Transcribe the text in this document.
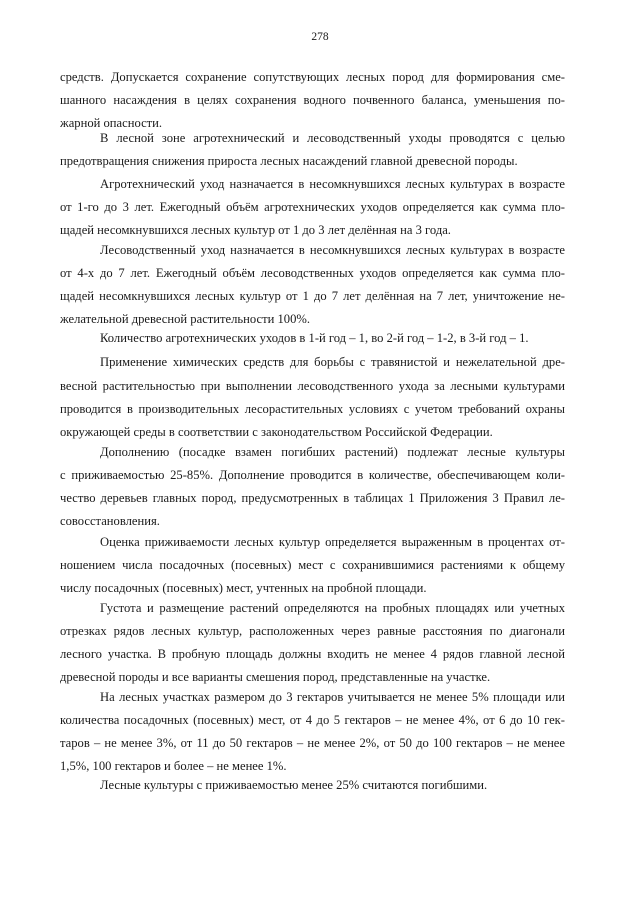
278
средств. Допускается сохранение сопутствующих лесных пород для формирования сме-
шанного насаждения в целях сохранения водного почвенного баланса, уменьшения по-
жарной опасности.
В лесной зоне агротехнический и лесоводственный уходы проводятся с целью
предотвращения снижения прироста лесных насаждений главной древесной породы.
Агротехнический уход назначается в несомкнувшихся лесных культурах в возрасте
от 1-го до 3 лет. Ежегодный объём агротехнических уходов определяется как сумма пло-
щадей несомкнувшихся лесных культур от 1 до 3 лет делённая на 3 года.
Лесоводственный уход назначается в несомкнувшихся лесных культурах в возрасте
от 4-х до 7 лет. Ежегодный объём лесоводственных уходов определяется как сумма пло-
щадей несомкнувшихся лесных культур от 1 до 7 лет делённая на 7 лет, уничтожение не-
желательной древесной растительности 100%.
Количество агротехнических уходов в 1-й год – 1, во 2-й год – 1-2, в 3-й год – 1.
Применение химических средств для борьбы с травянистой и нежелательной дре-
весной растительностью при выполнении лесоводственного ухода за лесными культурами
проводится в производительных лесорастительных условиях с учетом требований охраны
окружающей среды в соответствии с законодательством Российской Федерации.
Дополнению (посадке взамен погибших растений) подлежат лесные культуры
с приживаемостью 25-85%. Дополнение проводится в количестве, обеспечивающем коли-
чество деревьев главных пород, предусмотренных в таблицах 1 Приложения 3 Правил ле-
совосстановления.
Оценка приживаемости лесных культур определяется выраженным в процентах от-
ношением числа посадочных (посевных) мест с сохранившимися растениями к общему
числу посадочных (посевных) мест, учтенных на пробной площади.
Густота и размещение растений определяются на пробных площадях или учетных
отрезках рядов лесных культур, расположенных через равные расстояния по диагонали
лесного участка. В пробную площадь должны входить не менее 4 рядов главной лесной
древесной породы и все варианты смешения пород, представленные на участке.
На лесных участках размером до 3 гектаров учитывается не менее 5% площади или
количества посадочных (посевных) мест, от 4 до 5 гектаров – не менее 4%, от 6 до 10 гек-
таров – не менее 3%, от 11 до 50 гектаров – не менее 2%, от 50 до 100 гектаров – не менее
1,5%, 100 гектаров и более – не менее 1%.
Лесные культуры с приживаемостью менее 25% считаются погибшими.
